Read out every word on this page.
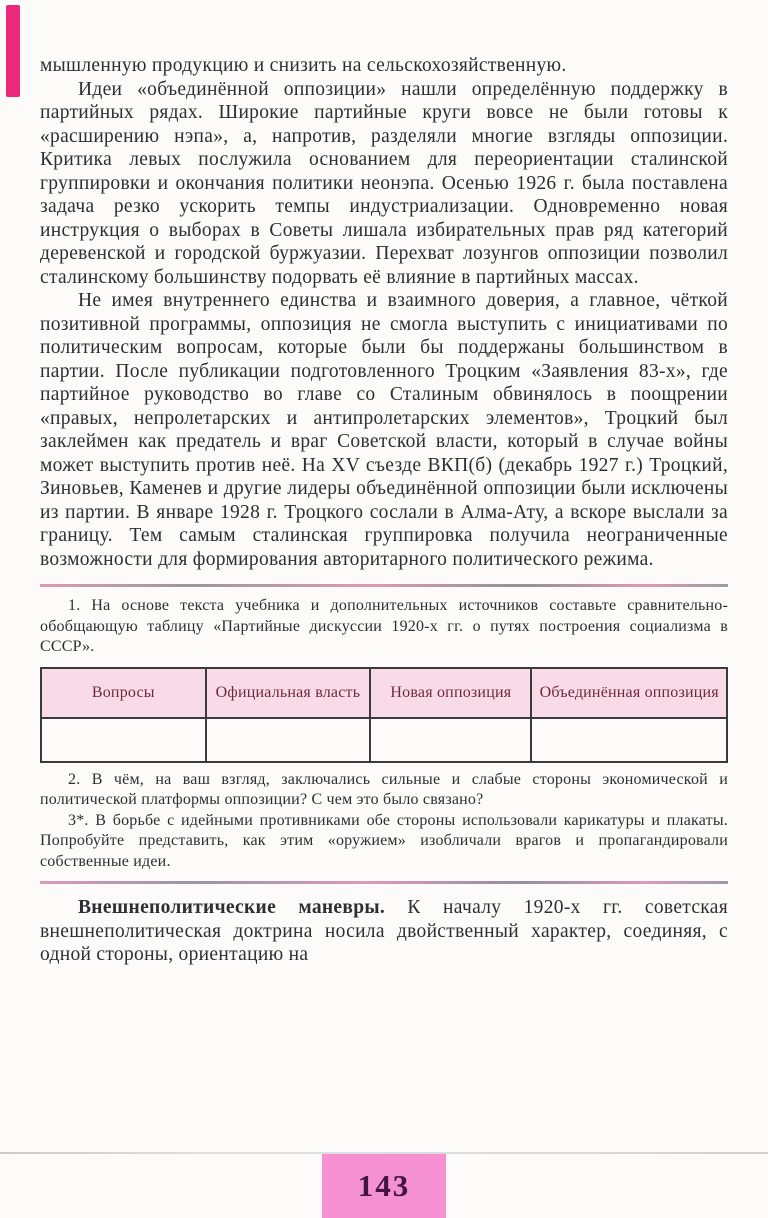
мышленную продукцию и снизить на сельскохозяйственную.

Идеи «объединённой оппозиции» нашли определённую поддержку в партийных рядах. Широкие партийные круги вовсе не были готовы к «расширению нэпа», а, напротив, разделяли многие взгляды оппозиции. Критика левых послужила основанием для переориентации сталинской группировки и окончания политики неонэпа. Осенью 1926 г. была поставлена задача резко ускорить темпы индустриализации. Одновременно новая инструкция о выборах в Советы лишала избирательных прав ряд категорий деревенской и городской буржуазии. Перехват лозунгов оппозиции позволил сталинскому большинству подорвать её влияние в партийных массах.

Не имея внутреннего единства и взаимного доверия, а главное, чёткой позитивной программы, оппозиция не смогла выступить с инициативами по политическим вопросам, которые были бы поддержаны большинством в партии. После публикации подготовленного Троцким «Заявления 83-х», где партийное руководство во главе со Сталиным обвинялось в поощрении «правых, непролетарских и антипролетарских элементов», Троцкий был заклеймен как предатель и враг Советской власти, который в случае войны может выступить против неё. На XV съезде ВКП(б) (декабрь 1927 г.) Троцкий, Зиновьев, Каменев и другие лидеры объединённой оппозиции были исключены из партии. В январе 1928 г. Троцкого сослали в Алма-Ату, а вскоре выслали за границу. Тем самым сталинская группировка получила неограниченные возможности для формирования авторитарного политического режима.

1. На основе текста учебника и дополнительных источников составьте сравнительно-обобщающую таблицу «Партийные дискуссии 1920-х гг. о путях построения социализма в СССР».

Вопросы	Официальная власть	Новая оппозиция	Объединённая оппозиция

2. В чём, на ваш взгляд, заключались сильные и слабые стороны экономической и политической платформы оппозиции? С чем это было связано?

3*. В борьбе с идейными противниками обе стороны использовали карикатуры и плакаты. Попробуйте представить, как этим «оружием» изобличали врагов и пропагандировали собственные идеи.

Внешнеполитические маневры. К началу 1920-х гг. советская внешнеполитическая доктрина носила двойственный характер, соединяя, с одной стороны, ориентацию на

143
